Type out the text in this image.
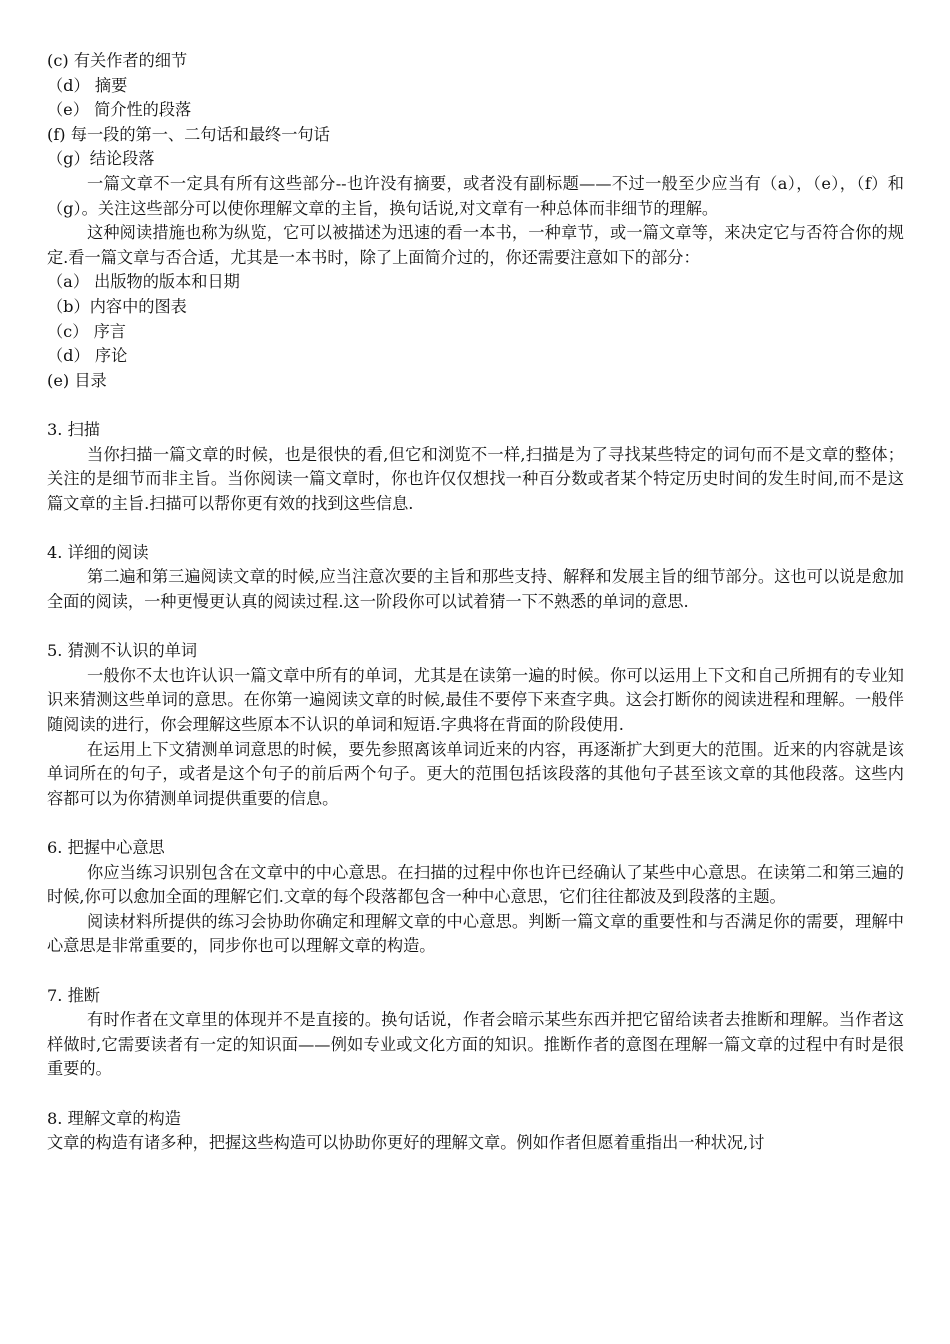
(c) 有关作者的细节
（d） 摘要
（e） 简介性的段落
(f) 每一段的第一、二句话和最终一句话
（g）结论段落
一篇文章不一定具有所有这些部分--也许没有摘要，或者没有副标题——不过一般至少应当有（a），（e），（f）和（g）。关注这些部分可以使你理解文章的主旨，换句话说,对文章有一种总体而非细节的理解。
这种阅读措施也称为纵览，它可以被描述为迅速的看一本书，一种章节，或一篇文章等，来决定它与否符合你的规定.看一篇文章与否合适，尤其是一本书时，除了上面简介过的，你还需要注意如下的部分：
（a） 出版物的版本和日期
（b）内容中的图表
（c） 序言
（d） 序论
(e) 目录
3. 扫描
当你扫描一篇文章的时候，也是很快的看,但它和浏览不一样,扫描是为了寻找某些特定的词句而不是文章的整体；关注的是细节而非主旨。当你阅读一篇文章时，你也许仅仅想找一种百分数或者某个特定历史时间的发生时间,而不是这篇文章的主旨.扫描可以帮你更有效的找到这些信息.
4. 详细的阅读
第二遍和第三遍阅读文章的时候,应当注意次要的主旨和那些支持、解释和发展主旨的细节部分。这也可以说是愈加全面的阅读，一种更慢更认真的阅读过程.这一阶段你可以试着猜一下不熟悉的单词的意思.
5. 猜测不认识的单词
一般你不太也许认识一篇文章中所有的单词，尤其是在读第一遍的时候。你可以运用上下文和自己所拥有的专业知识来猜测这些单词的意思。在你第一遍阅读文章的时候,最佳不要停下来查字典。这会打断你的阅读进程和理解。一般伴随阅读的进行，你会理解这些原本不认识的单词和短语.字典将在背面的阶段使用.
在运用上下文猜测单词意思的时候，要先参照离该单词近来的内容，再逐渐扩大到更大的范围。近来的内容就是该单词所在的句子，或者是这个句子的前后两个句子。更大的范围包括该段落的其他句子甚至该文章的其他段落。这些内容都可以为你猜测单词提供重要的信息。
6. 把握中心意思
你应当练习识别包含在文章中的中心意思。在扫描的过程中你也许已经确认了某些中心意思。在读第二和第三遍的时候,你可以愈加全面的理解它们.文章的每个段落都包含一种中心意思，它们往往都波及到段落的主题。
阅读材料所提供的练习会协助你确定和理解文章的中心意思。判断一篇文章的重要性和与否满足你的需要，理解中心意思是非常重要的，同步你也可以理解文章的构造。
7. 推断
有时作者在文章里的体现并不是直接的。换句话说，作者会暗示某些东西并把它留给读者去推断和理解。当作者这样做时,它需要读者有一定的知识面——例如专业或文化方面的知识。推断作者的意图在理解一篇文章的过程中有时是很重要的。
8. 理解文章的构造
文章的构造有诸多种，把握这些构造可以协助你更好的理解文章。例如作者但愿着重指出一种状况,讨
